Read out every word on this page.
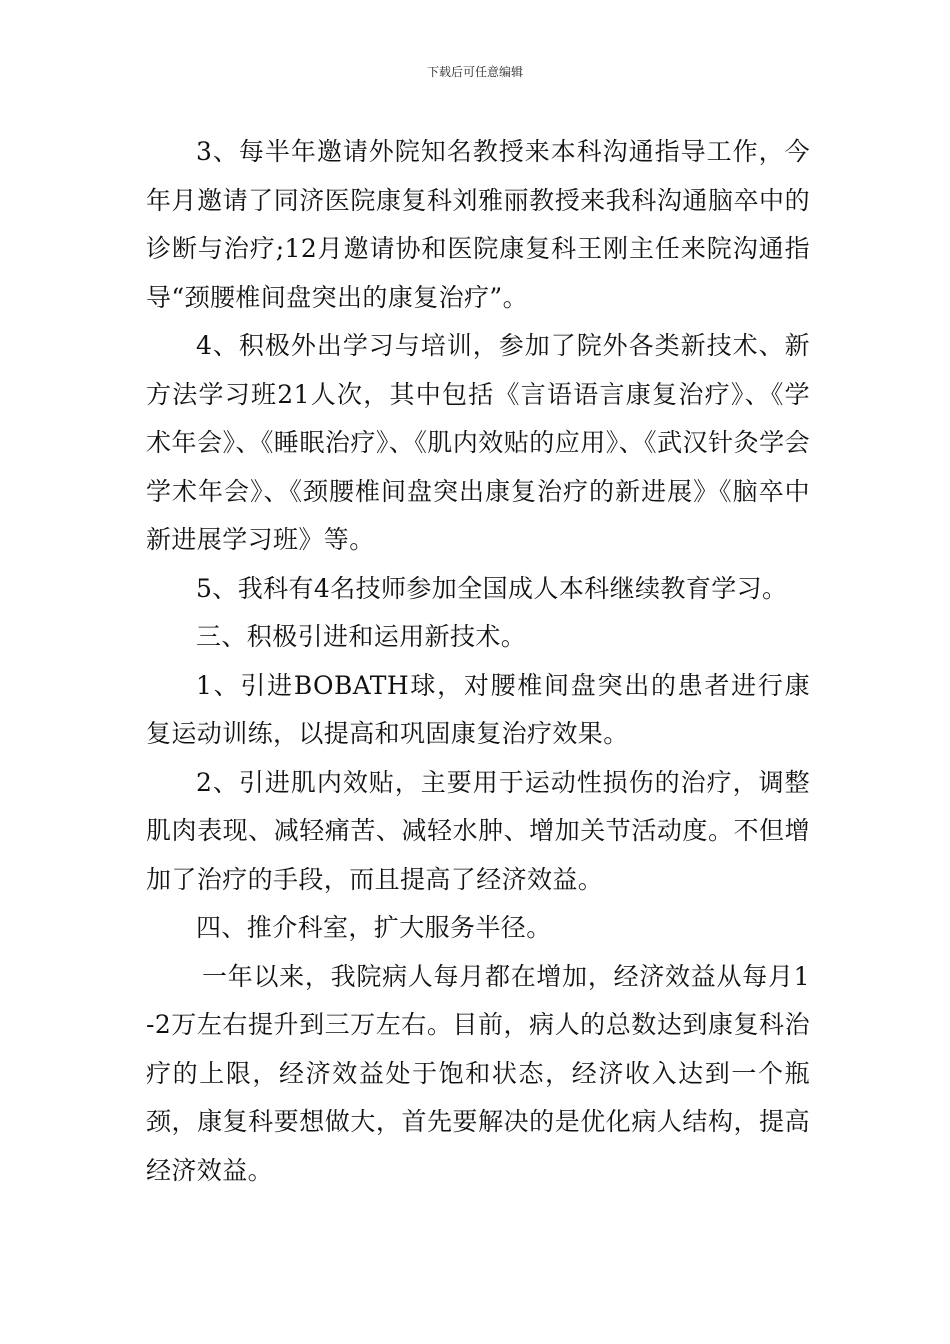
下载后可任意编辑

3、每半年邀请外院知名教授来本科沟通指导工作，今年月邀请了同济医院康复科刘雅丽教授来我科沟通脑卒中的诊断与治疗;12月邀请协和医院康复科王刚主任来院沟通指导“颈腰椎间盘突出的康复治疗”。

4、积极外出学习与培训，参加了院外各类新技术、新方法学习班21人次，其中包括《言语语言康复治疗》、《学术年会》、《睡眠治疗》、《肌内效贴的应用》、《武汉针灸学会学术年会》、《颈腰椎间盘突出康复治疗的新进展》《脑卒中新进展学习班》等。

5、我科有4名技师参加全国成人本科继续教育学习。

三、积极引进和运用新技术。

1、引进BOBATH球，对腰椎间盘突出的患者进行康复运动训练，以提高和巩固康复治疗效果。

2、引进肌内效贴，主要用于运动性损伤的治疗，调整肌肉表现、减轻痛苦、减轻水肿、增加关节活动度。不但增加了治疗的手段，而且提高了经济效益。

四、推介科室，扩大服务半径。

一年以来，我院病人每月都在增加，经济效益从每月1-2万左右提升到三万左右。目前，病人的总数达到康复科治疗的上限，经济效益处于饱和状态，经济收入达到一个瓶颈，康复科要想做大，首先要解决的是优化病人结构，提高经济效益。
